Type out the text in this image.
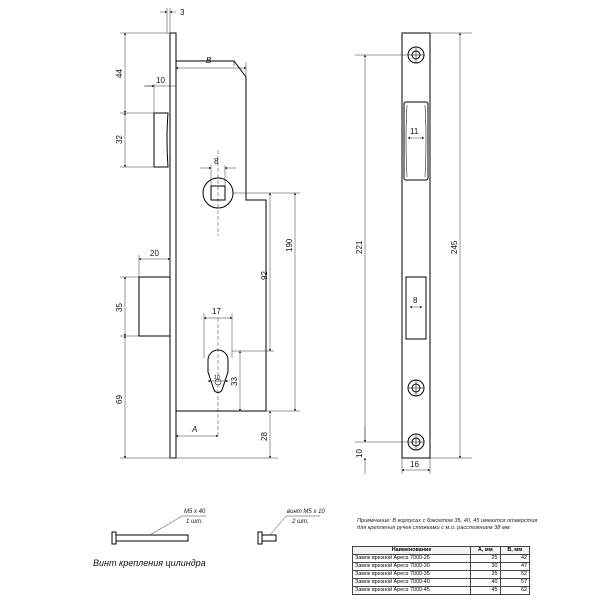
3
B
44
10
32
8
92
190
20
35	17
10 33
69
28
A
221	245
11
8
10
16
М5 х 40
1 шт.
винт М5 х 10
2 шт.
Винт крепления цилиндра
Примечание: В корпусах с бэкcетом 35, 40, 45 имеются отверстия для крепления ручек стяжками с м.о. расстоянием 38 мм.
Наименование	A, мм	B, мм
Замок врезной Apecs 7000-25	25	42
Замок врезной Apecs 7000-30	30	47
Замок врезной Apecs 7000-35	35	52
Замок врезной Apecs 7000-40	40	57
Замок врезной Apecs 7000-45	45	62
